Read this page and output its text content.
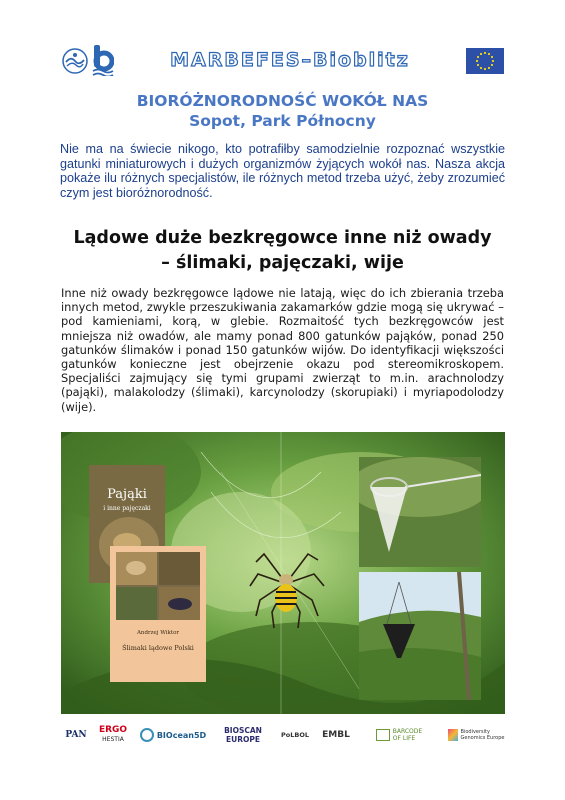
MARBEFES–Bioblitz
BIORÓŻNORODNOŚĆ WOKÓŁ NAS
Sopot, Park Północny
Nie ma na świecie nikogo, kto potrafiłby samodzielnie rozpoznać wszystkie gatunki miniaturowych i dużych organizmów żyjących wokół nas. Nasza akcja pokaże ilu różnych specjalistów, ile różnych metod trzeba użyć, żeby zrozumieć czym jest bioróżnorodność.
Lądowe duże bezkręgowce inne niż owady
– ślimaki, pajęczaki, wije
Inne niż owady bezkręgowce lądowe nie latają, więc do ich zbierania trzeba innych metod, zwykle przeszukiwania zakamarków gdzie mogą się ukrywać – pod kamieniami, korą, w glebie. Rozmaitość tych bezkręgowców jest mniejsza niż owadów, ale mamy ponad 800 gatunków pająków, ponad 250 gatunków ślimaków i ponad 150 gatunków wijów. Do identyfikacji większości gatunków konieczne jest obejrzenie okazu pod stereomikroskopem. Specjaliści zajmujący się tymi grupami zwierząt to m.in. arachnolodzy (pająki), malakolodzy (ślimaki), karcynolodzy (skorupiaki) i myriapodolodzy (wije).
Pająki
i inne pajęczaki
Andrzej Wiktor
Ślimaki lądowe Polski
PAN ERGO
HESTIA	BIOcean5D BIOSCAN
EUROPE	PoLBOL EMBL	BARCODE
OF LIFE
Biodiversity
Genomics Europe
